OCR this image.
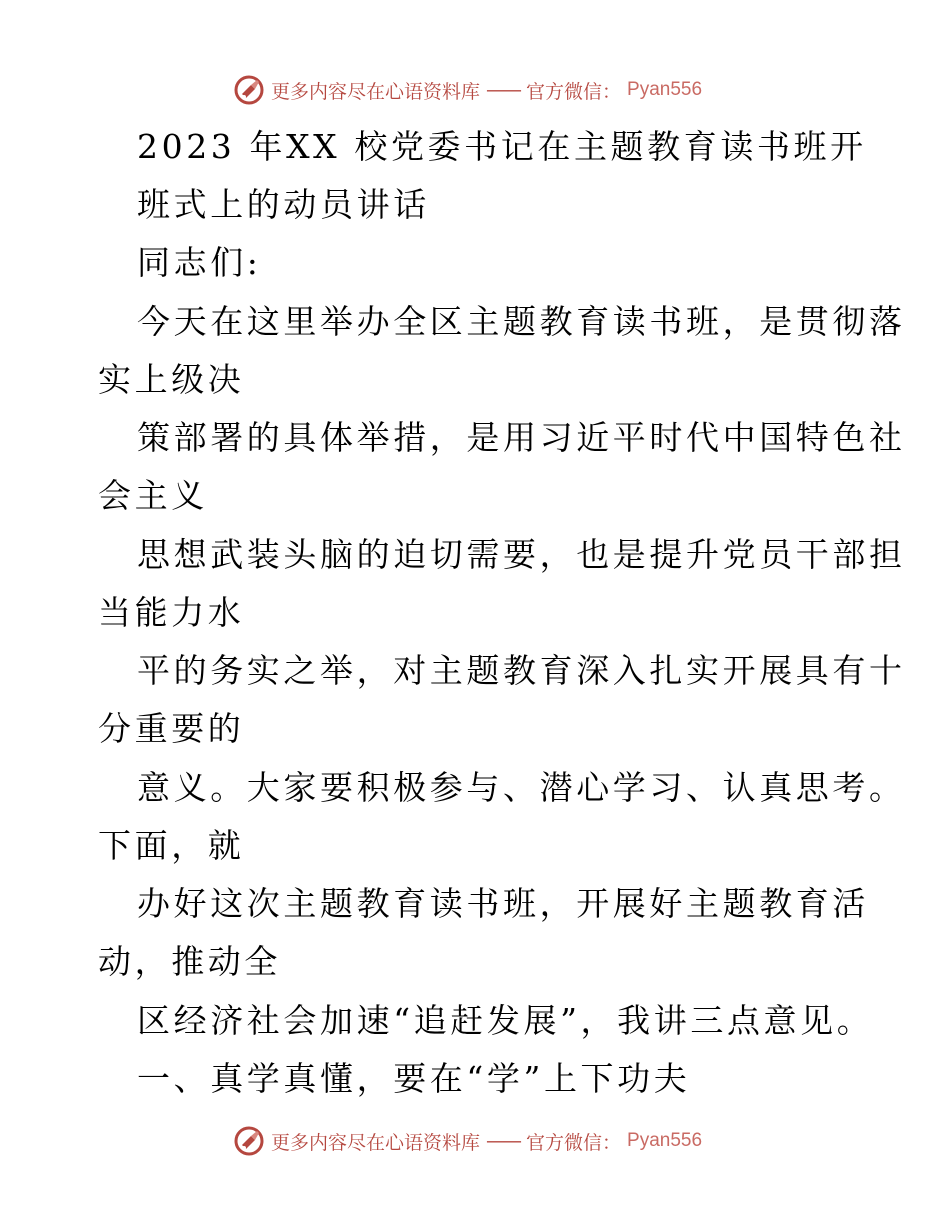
更多内容尽在心语资料库 —— 官方微信： Pyan556
2023 年XX 校党委书记在主题教育读书班开
班式上的动员讲话
同志们:
今天在这里举办全区主题教育读书班，是贯彻落
实上级决
策部署的具体举措，是用习近平时代中国特色社
会主义
思想武装头脑的迫切需要，也是提升党员干部担
当能力水
平的务实之举，对主题教育深入扎实开展具有十
分重要的
意义。大家要积极参与、潜心学习、认真思考。
下面，就
办好这次主题教育读书班，开展好主题教育活
动，推动全
区经济社会加速“追赶发展”，我讲三点意见。
一、真学真懂，要在“学”上下功夫
更多内容尽在心语资料库 —— 官方微信： Pyan556
